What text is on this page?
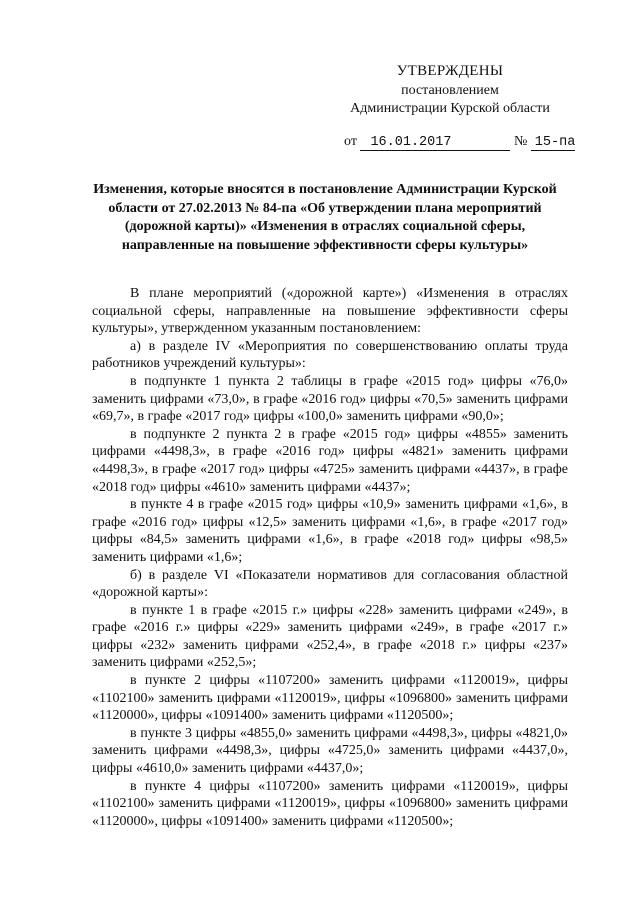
УТВЕРЖДЕНЫ
постановлением
Администрации Курской области
от 16.01.2017	№ 15-па
Изменения, которые вносятся в постановление Администрации Курской области от 27.02.2013 № 84-па «Об утверждении плана мероприятий (дорожной карты)» «Изменения в отраслях социальной сферы, направленные на повышение эффективности сферы культуры»

В плане мероприятий («дорожной карте») «Изменения в отраслях социальной сферы, направленные на повышение эффективности сферы культуры», утвержденном указанным постановлением:

а) в разделе IV «Мероприятия по совершенствованию оплаты труда работников учреждений культуры»:

в подпункте 1 пункта 2 таблицы в графе «2015 год» цифры «76,0» заменить цифрами «73,0», в графе «2016 год» цифры «70,5» заменить цифрами «69,7», в графе «2017 год» цифры «100,0» заменить цифрами «90,0»;

в подпункте 2 пункта 2 в графе «2015 год» цифры «4855» заменить цифрами «4498,3», в графе «2016 год» цифры «4821» заменить цифрами «4498,3», в графе «2017 год» цифры «4725» заменить цифрами «4437», в графе «2018 год» цифры «4610» заменить цифрами «4437»;

в пункте 4 в графе «2015 год» цифры «10,9» заменить цифрами «1,6», в графе «2016 год» цифры «12,5» заменить цифрами «1,6», в графе «2017 год» цифры «84,5» заменить цифрами «1,6», в графе «2018 год» цифры «98,5» заменить цифрами «1,6»;

б) в разделе VI «Показатели нормативов для согласования областной «дорожной карты»:

в пункте 1 в графе «2015 г.» цифры «228» заменить цифрами «249», в графе «2016 г.» цифры «229» заменить цифрами «249», в графе «2017 г.» цифры «232» заменить цифрами «252,4», в графе «2018 г.» цифры «237» заменить цифрами «252,5»;

в пункте 2 цифры «1107200» заменить цифрами «1120019», цифры «1102100» заменить цифрами «1120019», цифры «1096800» заменить цифрами «1120000», цифры «1091400» заменить цифрами «1120500»;

в пункте 3 цифры «4855,0» заменить цифрами «4498,3», цифры «4821,0» заменить цифрами «4498,3», цифры «4725,0» заменить цифрами «4437,0», цифры «4610,0» заменить цифрами «4437,0»;

в пункте 4 цифры «1107200» заменить цифрами «1120019», цифры «1102100» заменить цифрами «1120019», цифры «1096800» заменить цифрами «1120000», цифры «1091400» заменить цифрами «1120500»;
